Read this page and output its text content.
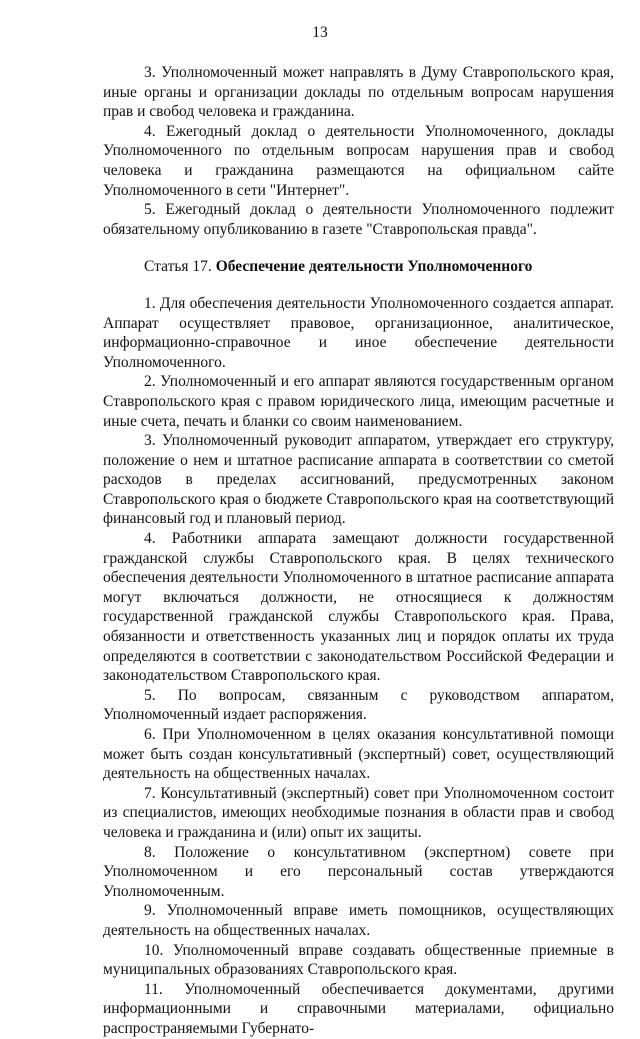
13

3. Уполномоченный может направлять в Думу Ставропольского края, иные органы и организации доклады по отдельным вопросам нарушения прав и свобод человека и гражданина.

4. Ежегодный доклад о деятельности Уполномоченного, доклады Уполномоченного по отдельным вопросам нарушения прав и свобод человека и гражданина размещаются на официальном сайте Уполномоченного в сети "Интернет".

5. Ежегодный доклад о деятельности Уполномоченного подлежит обязательному опубликованию в газете "Ставропольская правда".

Статья 17. Обеспечение деятельности Уполномоченного

1. Для обеспечения деятельности Уполномоченного создается аппарат. Аппарат осуществляет правовое, организационное, аналитическое, информационно-справочное и иное обеспечение деятельности Уполномоченного.

2. Уполномоченный и его аппарат являются государственным органом Ставропольского края с правом юридического лица, имеющим расчетные и иные счета, печать и бланки со своим наименованием.

3. Уполномоченный руководит аппаратом, утверждает его структуру, положение о нем и штатное расписание аппарата в соответствии со сметой расходов в пределах ассигнований, предусмотренных законом Ставропольского края о бюджете Ставропольского края на соответствующий финансовый год и плановый период.

4. Работники аппарата замещают должности государственной гражданской службы Ставропольского края. В целях технического обеспечения деятельности Уполномоченного в штатное расписание аппарата могут включаться должности, не относящиеся к должностям государственной гражданской службы Ставропольского края. Права, обязанности и ответственность указанных лиц и порядок оплаты их труда определяются в соответствии с законодательством Российской Федерации и законодательством Ставропольского края.

5. По вопросам, связанным с руководством аппаратом, Уполномоченный издает распоряжения.

6. При Уполномоченном в целях оказания консультативной помощи может быть создан консультативный (экспертный) совет, осуществляющий деятельность на общественных началах.

7. Консультативный (экспертный) совет при Уполномоченном состоит из специалистов, имеющих необходимые познания в области прав и свобод человека и гражданина и (или) опыт их защиты.

8. Положение о консультативном (экспертном) совете при Уполномоченном и его персональный состав утверждаются Уполномоченным.

9. Уполномоченный вправе иметь помощников, осуществляющих деятельность на общественных началах.

10. Уполномоченный вправе создавать общественные приемные в муниципальных образованиях Ставропольского края.

11. Уполномоченный обеспечивается документами, другими информационными и справочными материалами, официально распространяемыми Губернато-
